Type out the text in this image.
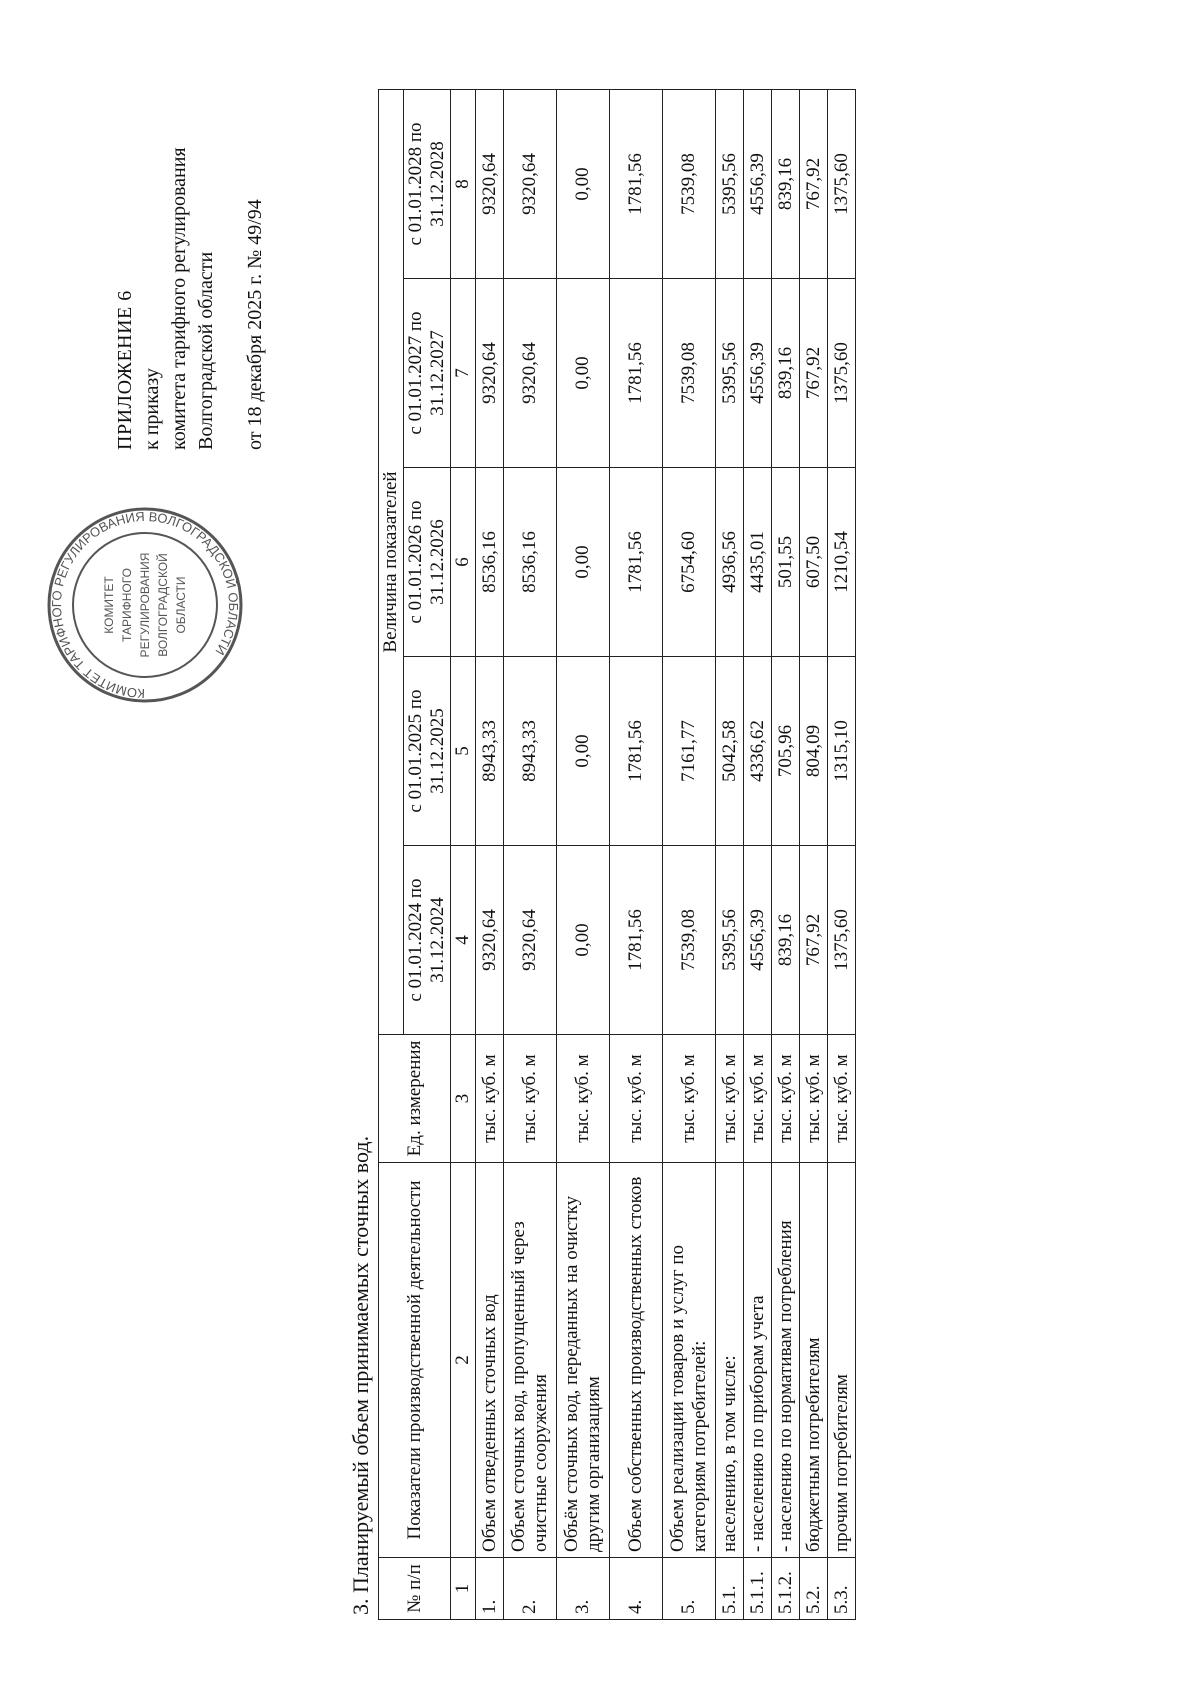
КОМИТЕТ ТАРИФНОГО РЕГУЛИРОВАНИЯ ВОЛГОГРАДСКОЙ ОБЛАСТИ
КОМИТЕТ ТАРИФНОГО РЕГУЛИРОВАНИЯ ВОЛГОГРАДСКОЙ ОБЛАСТИ
ПРИЛОЖЕНИЕ 6 к приказу комитета тарифного регулирования Волгоградской области от 18 декабря 2025 г. № 49/94
3. Планируемый объем принимаемых сточных вод. № п/п	Показатели производственной деятельности	Ед. измерения	Величина показателей				
			с 01.01.2024 по 31.12.2024	с 01.01.2025 по 31.12.2025	с 01.01.2026 по 31.12.2026	с 01.01.2027 по 31.12.2027	с 01.01.2028 по 31.12.2028
1	2	3	4	5	6	7	8
1.	Объем отведенных сточных вод	тыс. куб. м	9320,64	8943,33	8536,16	9320,64	9320,64
2.	Объем сточных вод, пропущенный через очистные сооружения	тыс. куб. м	9320,64	8943,33	8536,16	9320,64	9320,64
3.	Объём сточных вод, переданных на очистку другим организациям	тыс. куб. м	0,00	0,00	0,00	0,00	0,00
4.	Объем собственных производственных стоков	тыс. куб. м	1781,56	1781,56	1781,56	1781,56	1781,56
5.	Объем реализации товаров и услуг по категориям потребителей:	тыс. куб. м	7539,08	7161,77	6754,60	7539,08	7539,08
5.1.	населению, в том числе:	тыс. куб. м	5395,56	5042,58	4936,56	5395,56	5395,56
5.1.1.	- населению по приборам учета	тыс. куб. м	4556,39	4336,62	4435,01	4556,39	4556,39
5.1.2.	- населению по нормативам потребления	тыс. куб. м	839,16	705,96	501,55	839,16	839,16
5.2.	бюджетным потребителям	тыс. куб. м	767,92	804,09	607,50	767,92	767,92
5.3.	прочим потребителям	тыс. куб. м	1375,60	1315,10	1210,54	1375,60	1375,60
